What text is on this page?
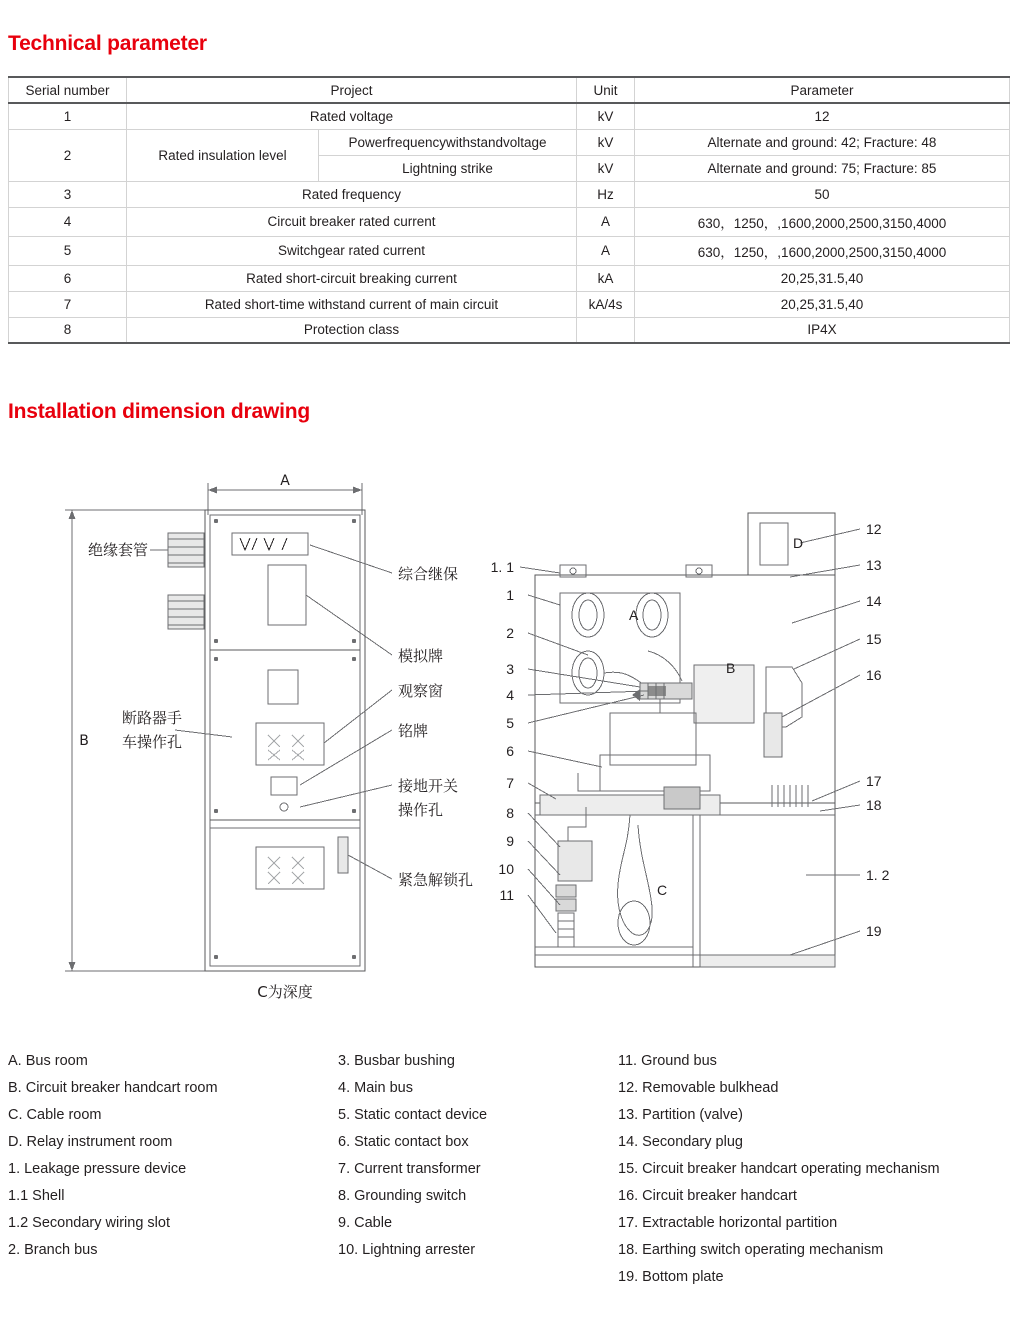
Technical parameter
Serial number	Project		Unit	Parameter
1	Rated voltage		kV	12
2	Rated insulation level	Powerfrequencywithstandvoltage	kV	Alternate and ground: 42; Fracture: 48
		Lightning strike	kV	Alternate and ground: 75; Fracture: 85
3	Rated frequency		Hz	50
4	Circuit breaker rated current		A	630，1250，,1600,2000,2500,3150,4000
5	Switchgear rated current		A	630，1250，,1600,2000,2500,3150,4000
6	Rated short-circuit breaking current		kA	20,25,31.5,40
7	Rated short-time withstand current of main circuit		kA/4s	20,25,31.5,40
8	Protection class			IP4X
Installation dimension drawing
A
B
C为深度
绝缘套管
断路器手
车操作孔
综合继保
模拟牌
观察窗
铭牌
接地开关
操作孔
紧急解锁孔
A
B
C
D
1. 1
1
2
3
4
5
6
7
8
9
10
11
12
13
14
15
16
17
18
1. 2
19
A. Bus room
B. Circuit breaker handcart room
C. Cable room
D. Relay instrument room
1. Leakage pressure device
1.1 Shell
1.2 Secondary wiring slot
2. Branch bus
3. Busbar bushing
4. Main bus
5. Static contact device
6. Static contact box
7. Current transformer
8. Grounding switch
9. Cable
10. Lightning arrester
11. Ground bus
12. Removable bulkhead
13. Partition (valve)
14. Secondary plug
15. Circuit breaker handcart operating mechanism
16. Circuit breaker handcart
17. Extractable horizontal partition
18. Earthing switch operating mechanism
19. Bottom plate
